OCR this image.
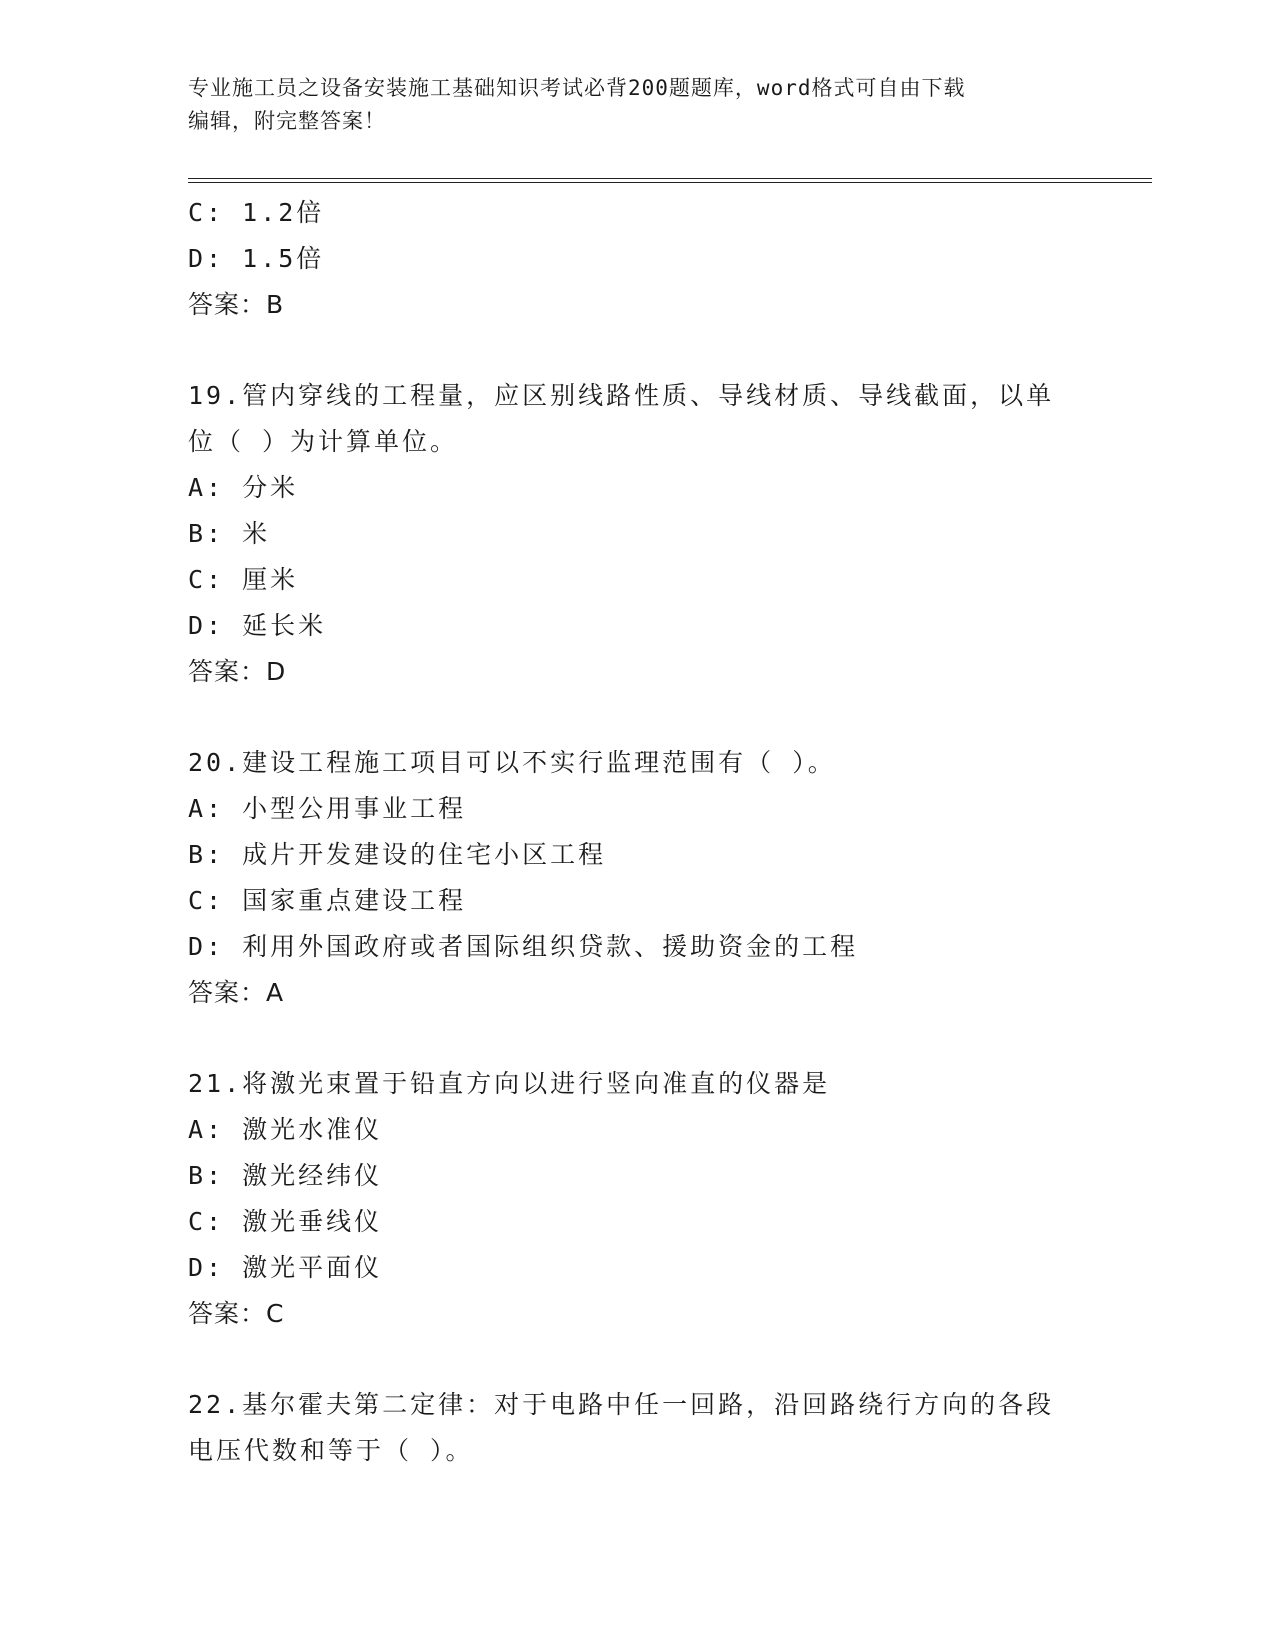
专业施工员之设备安装施工基础知识考试必背200题题库，word格式可自由下载
编辑，附完整答案！
C: 1.2倍
D: 1.5倍
答案：B
19.管内穿线的工程量，应区别线路性质、导线材质、导线截面，以单
位（ ）为计算单位。
A: 分米
B: 米
C: 厘米
D: 延长米
答案：D
20.建设工程施工项目可以不实行监理范围有（ ）。
A: 小型公用事业工程
B: 成片开发建设的住宅小区工程
C: 国家重点建设工程
D: 利用外国政府或者国际组织贷款、援助资金的工程
答案：A
21.将激光束置于铅直方向以进行竖向准直的仪器是
A: 激光水准仪
B: 激光经纬仪
C: 激光垂线仪
D: 激光平面仪
答案：C
22.基尔霍夫第二定律：对于电路中任一回路，沿回路绕行方向的各段
电压代数和等于（ ）。
